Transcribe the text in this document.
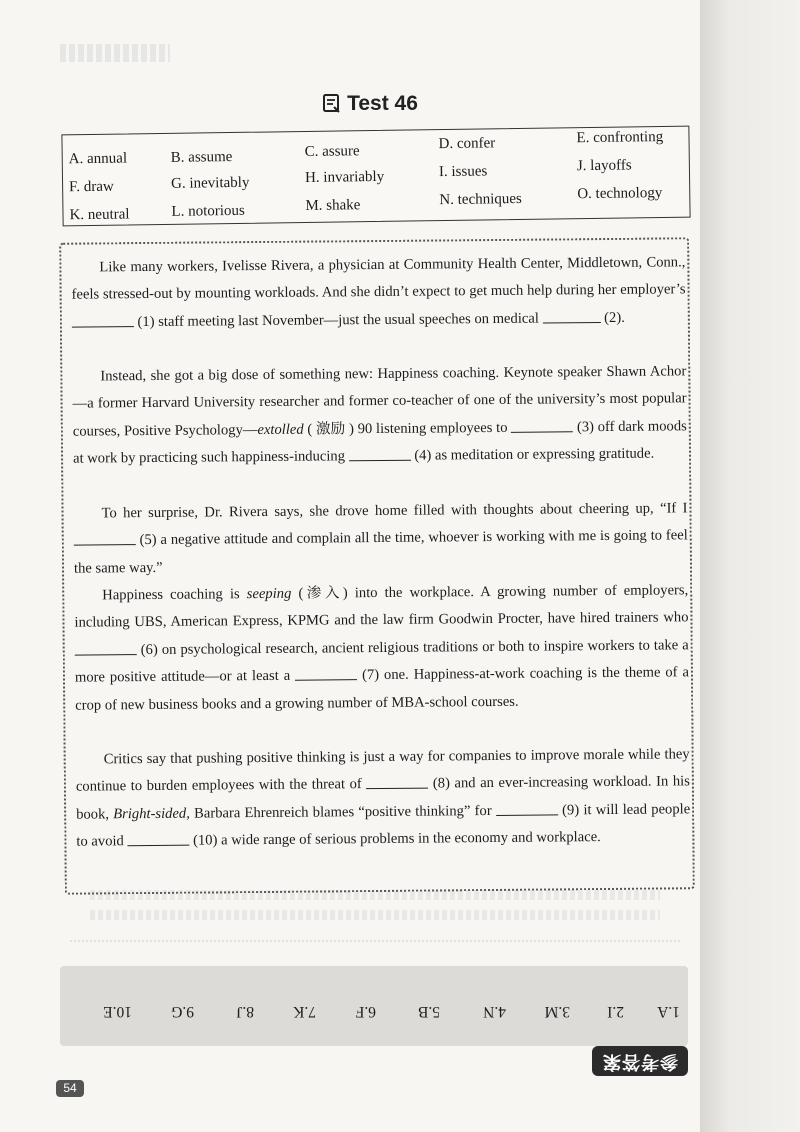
Test 46
A. annual	B. assume	C. assure	D. confer	E. confronting
F. draw	G. inevitably	H. invariably	I. issues	J. layoffs
K. neutral	L. notorious	M. shake	N. techniques	O. technology
Like many workers, Ivelisse Rivera, a physician at Community Health Center, Middletown, Conn., feels stressed-out by mounting workloads. And she didn’t expect to get much help during her employer’s  (1) staff meeting last November—just the usual speeches on medical	(2).
Instead, she got a big dose of something new: Happiness coaching. Keynote speaker Shawn Achor—a former Harvard University researcher and former co-teacher of one of the university’s most popular courses, Positive Psychology—extolled ( 激励 ) 90 listening employees to	(3) off dark moods at work by practicing such happiness-inducing	(4) as meditation or expressing gratitude.
To her surprise, Dr. Rivera says, she drove home filled with thoughts about cheering up, “If I  (5) a negative attitude and complain all the time, whoever is working with me is going to feel the same way.”
Happiness coaching is seeping (渗入) into the workplace. A growing number of employers, including UBS, American Express, KPMG and the law firm Goodwin Procter, have hired trainers who  (6) on psychological research, ancient religious traditions or both to inspire workers to take a more positive attitude—or at least a	(7) one. Happiness-at-work coaching is the theme of a crop of new business books and a growing number of MBA-school courses.
Critics say that pushing positive thinking is just a way for companies to improve morale while they continue to burden employees with the threat of	(8) and an ever-increasing workload. In his book, Bright-sided, Barbara Ehrenreich blames “positive thinking” for	(9) it will lead people to avoid	(10) a wide range of serious problems in the economy and workplace.
1.A
2.I
3.M
4.N
5.B
6.F
7.K
8.J
9.G
10.E
参考答案
54
